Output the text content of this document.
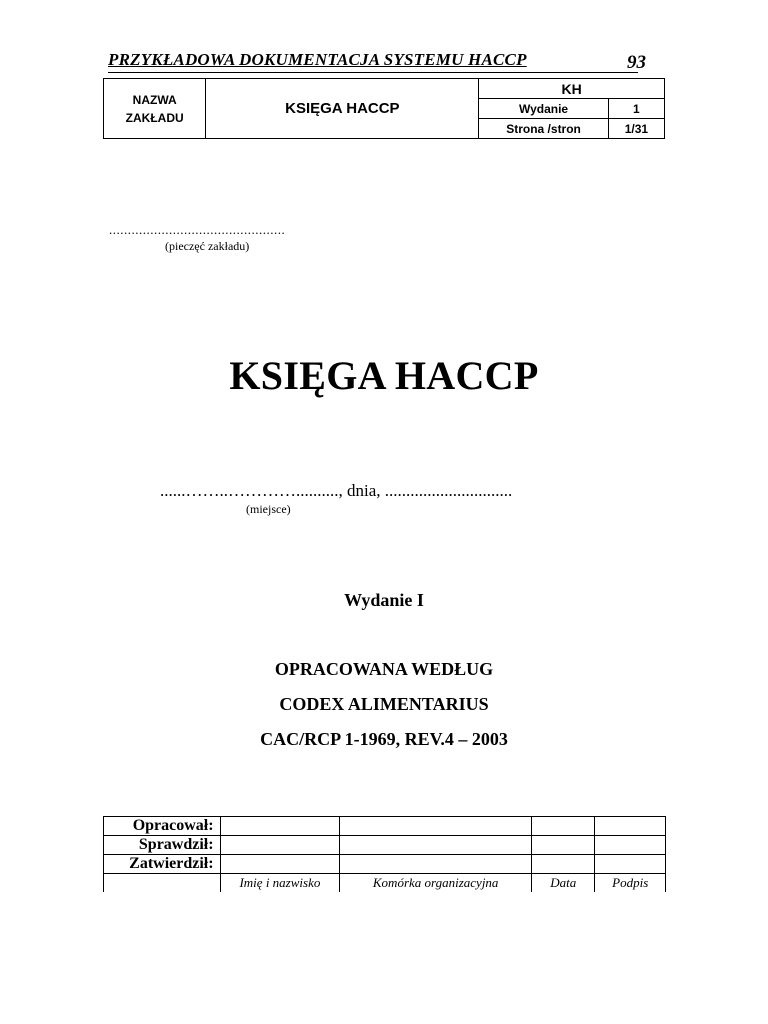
PRZYKŁADOWA DOKUMENTACJA SYSTEMU HACCP	93
NAZWA
ZAKŁADU	KSIĘGA HACCP	KH	
		Wydanie	1
		Strona /stron	1/31
...............................................
(pieczęć zakładu)
KSIĘGA HACCP
......……..………….........., dnia, ..............................
(miejsce)
Wydanie I
OPRACOWANA WEDŁUG
CODEX ALIMENTARIUS
CAC/RCP 1-1969, REV.4 – 2003
Opracował:				
Sprawdził:				
Zatwierdził:				
	Imię i nazwisko	Komórka organizacyjna	Data	Podpis
